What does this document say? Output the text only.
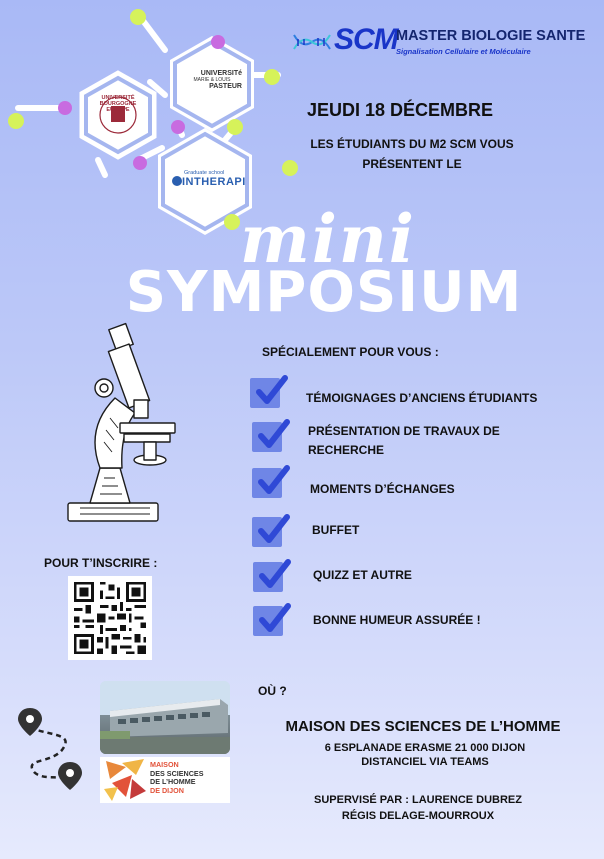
UNIVERSITÉ BOURGOGNE EUROPE
UNIVERSITé
MARIE & LOUIS
PASTEUR
Graduate school
INTHERAPI
SCM
MASTER BIOLOGIE SANTE
Signalisation Cellulaire et Moléculaire
JEUDI 18 DÉCEMBRE
LES ÉTUDIANTS DU M2 SCM VOUS
PRÉSENTENT LE
mini
SYMPOSIUM
SPÉCIALEMENT POUR VOUS :
TÉMOIGNAGES D’ANCIENS ÉTUDIANTS
PRÉSENTATION DE TRAVAUX DE
RECHERCHE
MOMENTS D’ÉCHANGES
BUFFET
QUIZZ ET AUTRE
BONNE HUMEUR ASSURÉE !
POUR T’INSCRIRE :
MAISON
DES SCIENCES
DE L’HOMME
DE DIJON
OÙ ?
MAISON DES SCIENCES DE L’HOMME
6 ESPLANADE ERASME 21 000 DIJON
DISTANCIEL VIA TEAMS
SUPERVISÉ PAR : LAURENCE DUBREZ
RÉGIS DELAGE-MOURROUX
